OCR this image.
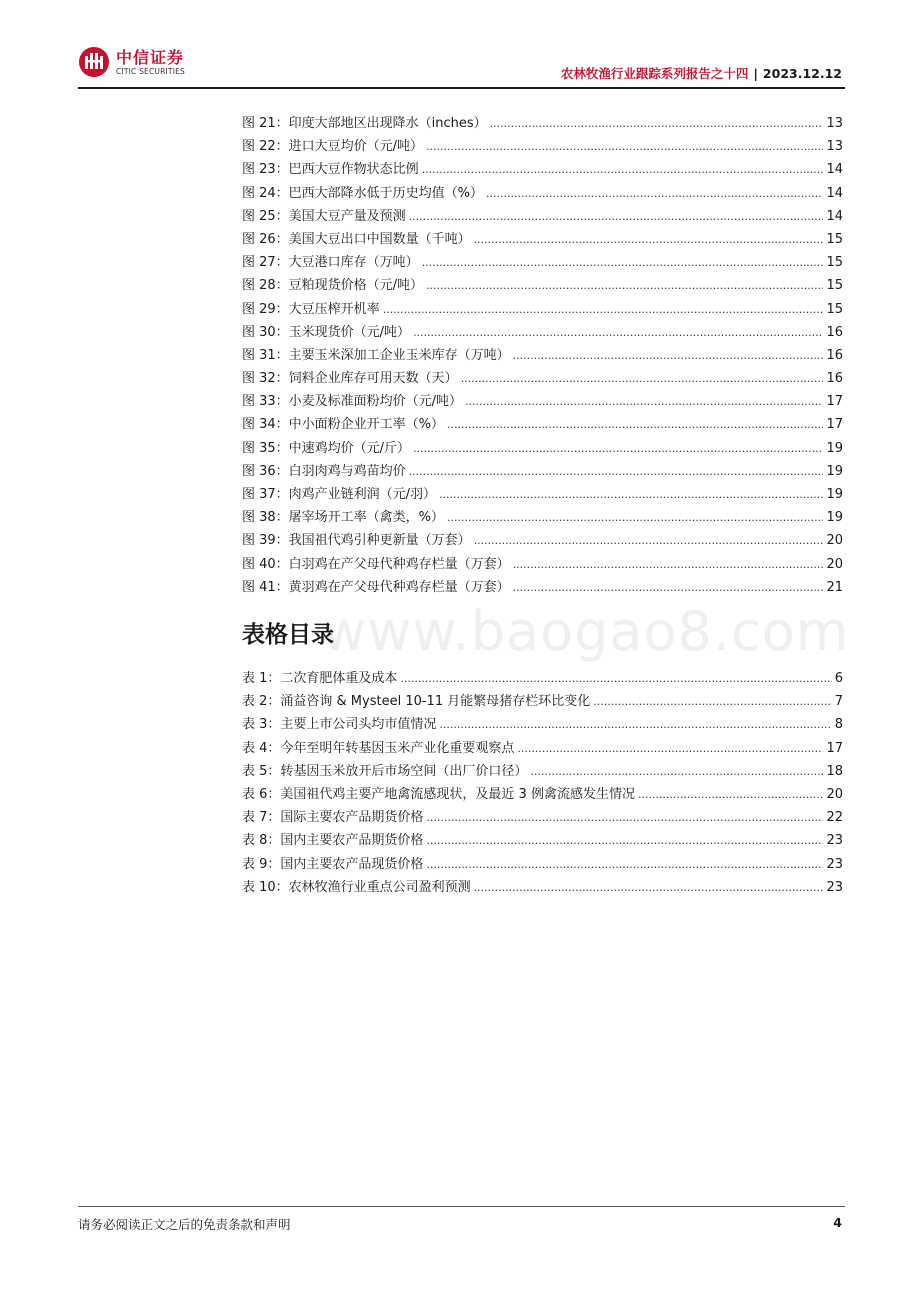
中信证券
CITIC SECURITIES	农林牧渔行业跟踪系列报告之十四 | 2023.12.12
图 21：印度大部地区出现降水（inches） .....	13
图 22：进口大豆均价（元/吨） .....	13
图 23：巴西大豆作物状态比例 .....	14
图 24：巴西大部降水低于历史均值（%） .....	14
图 25：美国大豆产量及预测 .....	14
图 26：美国大豆出口中国数量（千吨） .....	15
图 27：大豆港口库存（万吨） .....	15
图 28：豆粕现货价格（元/吨） .....	15
图 29：大豆压榨开机率 .....	15
图 30：玉米现货价（元/吨） .....	16
图 31：主要玉米深加工企业玉米库存（万吨） .....	16
图 32：饲料企业库存可用天数（天） .....	16
图 33：小麦及标准面粉均价（元/吨） .....	17
图 34：中小面粉企业开工率（%） .....	17
图 35：中速鸡均价（元/斤） .....	19
图 36：白羽肉鸡与鸡苗均价 .....	19
图 37：肉鸡产业链利润（元/羽） .....	19
图 38：屠宰场开工率（禽类，%） .....	19
图 39：我国祖代鸡引种更新量（万套） .....	20
图 40：白羽鸡在产父母代种鸡存栏量（万套） .....	20
图 41：黄羽鸡在产父母代种鸡存栏量（万套） .....	21
www.baogao8.com
表格目录
表 1：二次育肥体重及成本 .....	6
表 2：涌益咨询 & Mysteel 10-11 月能繁母猪存栏环比变化 .....	7
表 3：主要上市公司头均市值情况 .....	8
表 4：今年至明年转基因玉米产业化重要观察点 .....	17
表 5：转基因玉米放开后市场空间（出厂价口径） .....	18
表 6：美国祖代鸡主要产地禽流感现状，及最近 3 例禽流感发生情况 .....	20
表 7：国际主要农产品期货价格 .....	22
表 8：国内主要农产品期货价格 .....	23
表 9：国内主要农产品现货价格 .....	23
表 10：农林牧渔行业重点公司盈利预测 .....	23
请务必阅读正文之后的免责条款和声明	4
